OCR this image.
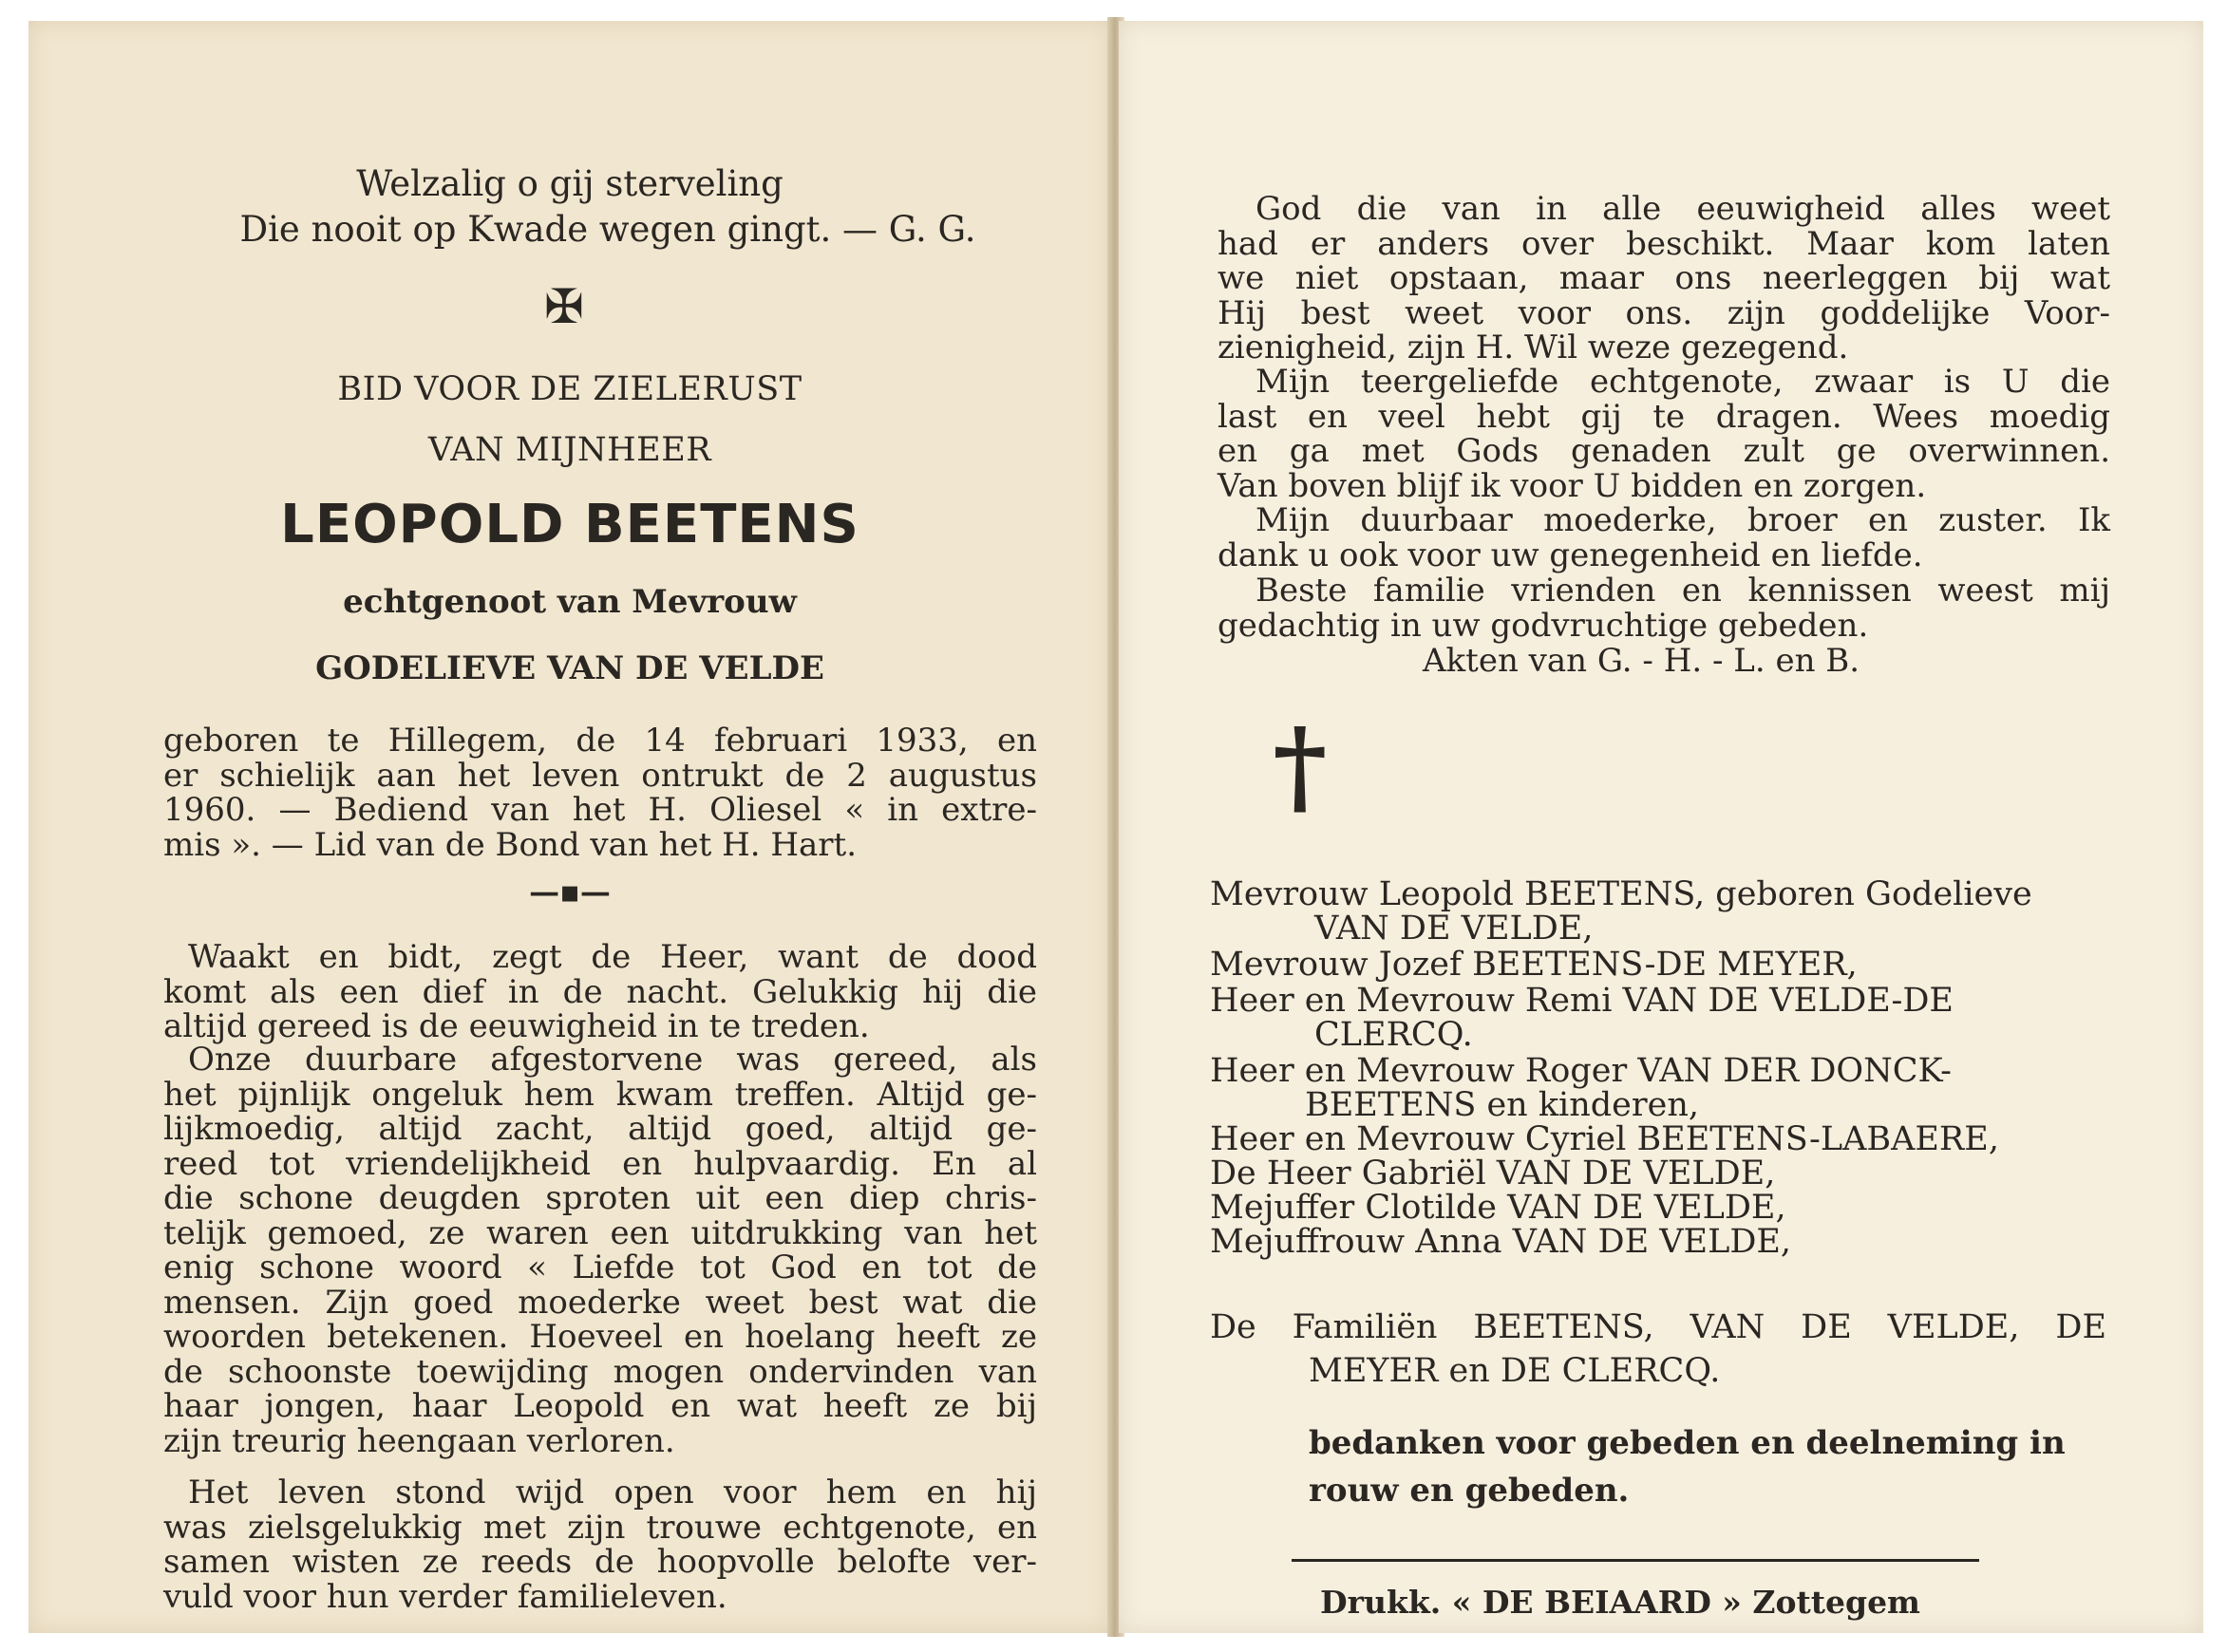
Welzalig o gij sterveling
Die nooit op Kwade wegen gingt. — G. G.
✠
BID VOOR DE ZIELERUST
VAN MIJNHEER
LEOPOLD BEETENS
echtgenoot van Mevrouw
GODELIEVE VAN DE VELDE
geboren te Hillegem, de 14 februari 1933, en
er schielijk aan het leven ontrukt de 2 augustus
1960. — Bediend van het H. Oliesel « in extre-
mis ». — Lid van de Bond van het H. Hart.
—▪—
Waakt en bidt, zegt de Heer, want de dood
komt als een dief in de nacht. Gelukkig hij die
altijd gereed is de eeuwigheid in te treden.
Onze duurbare afgestorvene was gereed, als
het pijnlijk ongeluk hem kwam treffen. Altijd ge-
lijkmoedig, altijd zacht, altijd goed, altijd ge-
reed tot vriendelijkheid en hulpvaardig. En al
die schone deugden sproten uit een diep chris-
telijk gemoed, ze waren een uitdrukking van het
enig schone woord « Liefde tot God en tot de
mensen. Zijn goed moederke weet best wat die
woorden betekenen. Hoeveel en hoelang heeft ze
de schoonste toewijding mogen ondervinden van
haar jongen, haar Leopold en wat heeft ze bij
zijn treurig heengaan verloren.
Het leven stond wijd open voor hem en hij
was zielsgelukkig met zijn trouwe echtgenote, en
samen wisten ze reeds de hoopvolle belofte ver-
vuld voor hun verder familieleven.
God die van in alle eeuwigheid alles weet
had er anders over beschikt. Maar kom laten
we niet opstaan, maar ons neerleggen bij wat
Hij best weet voor ons. zijn goddelijke Voor-
zienigheid, zijn H. Wil weze gezegend.
Mijn teergeliefde echtgenote, zwaar is U die
last en veel hebt gij te dragen. Wees moedig
en ga met Gods genaden zult ge overwinnen.
Van boven blijf ik voor U bidden en zorgen.
Mijn duurbaar moederke, broer en zuster. Ik
dank u ook voor uw genegenheid en liefde.
Beste familie vrienden en kennissen weest mij
gedachtig in uw godvruchtige gebeden.
Akten van G. - H. - L. en B.
†
Mevrouw Leopold BEETENS, geboren Godelieve
VAN DE VELDE,
Mevrouw Jozef BEETENS-DE MEYER,
Heer en Mevrouw Remi VAN DE VELDE-DE
CLERCQ.
Heer en Mevrouw Roger VAN DER DONCK-
BEETENS en kinderen,
Heer en Mevrouw Cyriel BEETENS-LABAERE,
De Heer Gabriël VAN DE VELDE,
Mejuffer Clotilde VAN DE VELDE,
Mejuffrouw Anna VAN DE VELDE,
De Familiën BEETENS, VAN DE VELDE, DE
MEYER en DE CLERCQ.
bedanken voor gebeden en deelneming in
rouw en gebeden.
Drukk. « DE BEIAARD » Zottegem
